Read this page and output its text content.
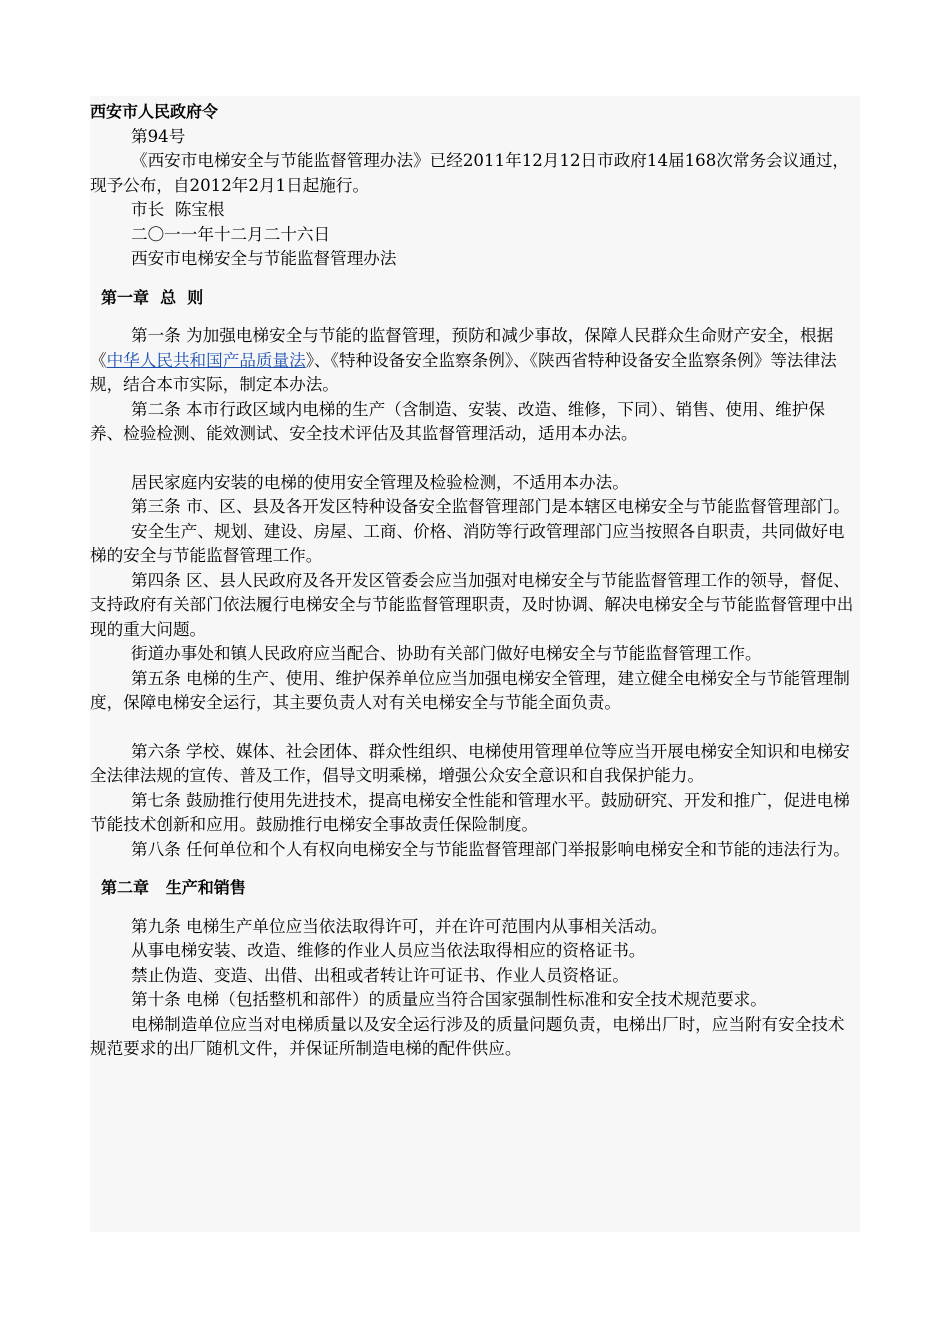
西安市人民政府令

第94号

《西安市电梯安全与节能监督管理办法》已经2011年12月12日市政府14届168次常务会议通过，现予公布，自2012年2月1日起施行。

市长  陈宝根

二〇一一年十二月二十六日

西安市电梯安全与节能监督管理办法

第一章  总  则

第一条 为加强电梯安全与节能的监督管理，预防和减少事故，保障人民群众生命财产安全，根据《中华人民共和国产品质量法》、《特种设备安全监察条例》、《陕西省特种设备安全监察条例》等法律法规，结合本市实际，制定本办法。

第二条 本市行政区域内电梯的生产（含制造、安装、改造、维修，下同）、销售、使用、维护保养、检验检测、能效测试、安全技术评估及其监督管理活动，适用本办法。

居民家庭内安装的电梯的使用安全管理及检验检测，不适用本办法。

第三条 市、区、县及各开发区特种设备安全监督管理部门是本辖区电梯安全与节能监督管理部门。

安全生产、规划、建设、房屋、工商、价格、消防等行政管理部门应当按照各自职责，共同做好电梯的安全与节能监督管理工作。

第四条 区、县人民政府及各开发区管委会应当加强对电梯安全与节能监督管理工作的领导，督促、支持政府有关部门依法履行电梯安全与节能监督管理职责，及时协调、解决电梯安全与节能监督管理中出现的重大问题。

街道办事处和镇人民政府应当配合、协助有关部门做好电梯安全与节能监督管理工作。

第五条 电梯的生产、使用、维护保养单位应当加强电梯安全管理，建立健全电梯安全与节能管理制度，保障电梯安全运行，其主要负责人对有关电梯安全与节能全面负责。

第六条 学校、媒体、社会团体、群众性组织、电梯使用管理单位等应当开展电梯安全知识和电梯安全法律法规的宣传、普及工作，倡导文明乘梯，增强公众安全意识和自我保护能力。

第七条 鼓励推行使用先进技术，提高电梯安全性能和管理水平。鼓励研究、开发和推广，促进电梯节能技术创新和应用。鼓励推行电梯安全事故责任保险制度。

第八条 任何单位和个人有权向电梯安全与节能监督管理部门举报影响电梯安全和节能的违法行为。

第二章   生产和销售

第九条 电梯生产单位应当依法取得许可，并在许可范围内从事相关活动。

从事电梯安装、改造、维修的作业人员应当依法取得相应的资格证书。

禁止伪造、变造、出借、出租或者转让许可证书、作业人员资格证。

第十条 电梯（包括整机和部件）的质量应当符合国家强制性标准和安全技术规范要求。

电梯制造单位应当对电梯质量以及安全运行涉及的质量问题负责，电梯出厂时，应当附有安全技术规范要求的出厂随机文件，并保证所制造电梯的配件供应。
